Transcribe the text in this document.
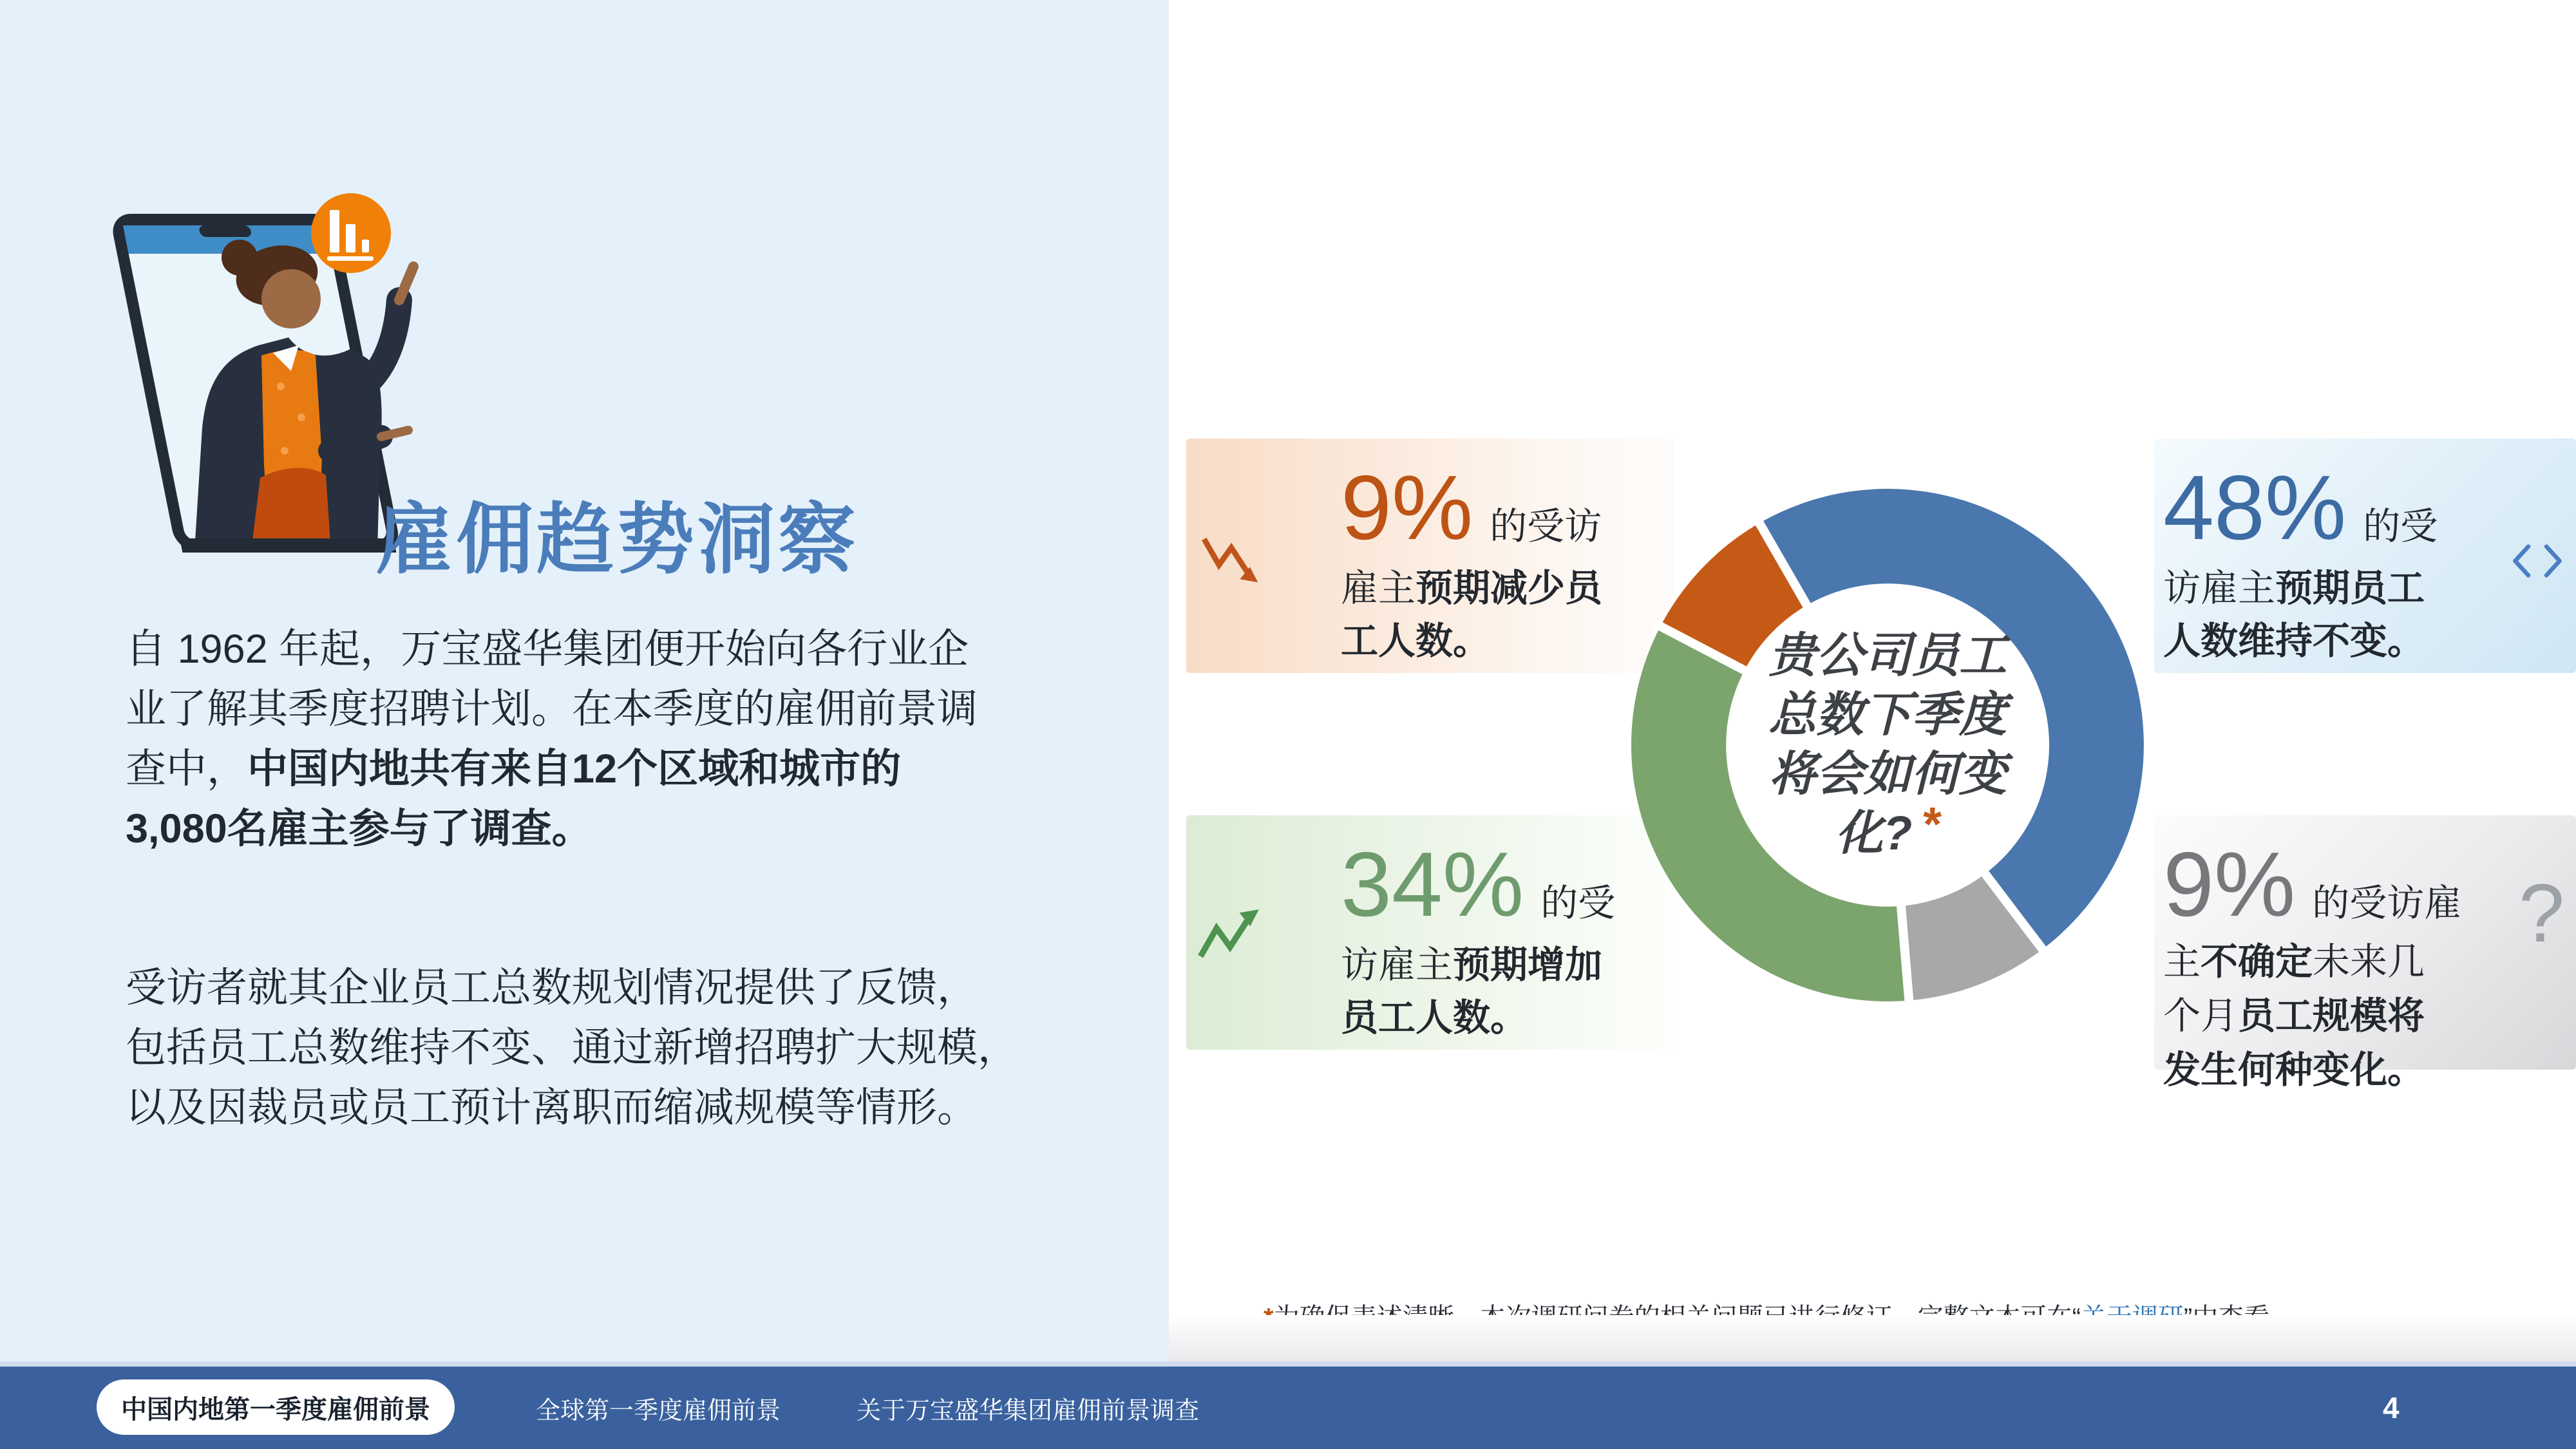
雇佣趋势洞察
自 1962 年起，万宝盛华集团便开始向各行业企
业了解其季度招聘计划。在本季度的雇佣前景调
查中，中国内地共有来自12个区域和城市的
3,080名雇主参与了调查。
受访者就其企业员工总数规划情况提供了反馈，
包括员工总数维持不变、通过新增招聘扩大规模，
以及因裁员或员工预计离职而缩减规模等情形。
9% 的受访
雇主预期减少员
工人数。
48% 的受
访雇主预期员工
人数维持不变。
34% 的受
访雇主预期增加
员工人数。
?
9% 的受访雇
主不确定未来几
个月员工规模将
发生何种变化。
贵公司员工
总数下季度
将会如何变
化? *
中国内地第一季度雇佣前景	全球第一季度雇佣前景	关于万宝盛华集团雇佣前景调查	4
